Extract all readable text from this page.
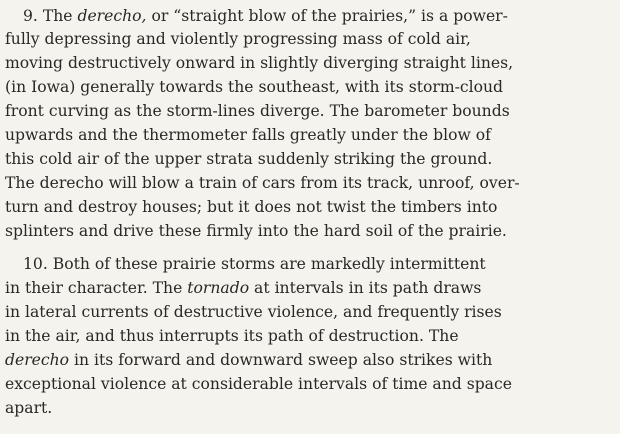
9. The derecho, or “straight blow of the prairies,” is a power-
fully depressing and violently progressing mass of cold air,
moving destructively onward in slightly diverging straight lines,
(in Iowa) generally towards the southeast, with its storm-cloud
front curving as the storm-lines diverge. The barometer bounds
upwards and the thermometer falls greatly under the blow of
this cold air of the upper strata suddenly striking the ground.
The derecho will blow a train of cars from its track, unroof, over-
turn and destroy houses; but it does not twist the timbers into
splinters and drive these firmly into the hard soil of the prairie.
10. Both of these prairie storms are markedly intermittent
in their character. The tornado at intervals in its path draws
in lateral currents of destructive violence, and frequently rises
in the air, and thus interrupts its path of destruction. The
derecho in its forward and downward sweep also strikes with
exceptional violence at considerable intervals of time and space
apart.
